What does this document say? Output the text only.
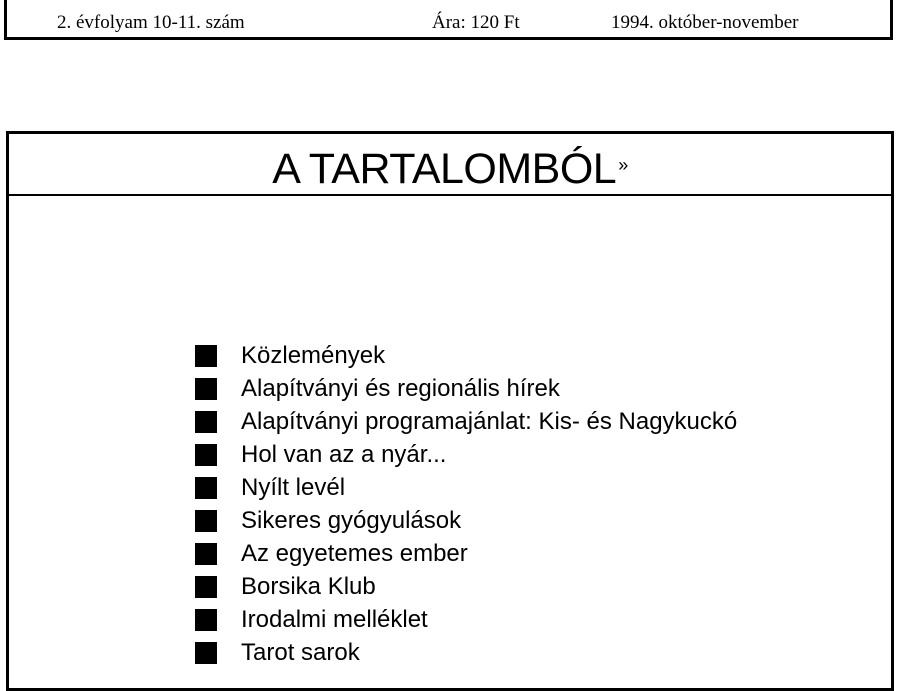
2. évfolyam 10-11. szám	Ára: 120 Ft	1994. október-november
A TARTALOMBÓL »
Közlemények
Alapítványi és regionális hírek
Alapítványi programajánlat: Kis- és Nagykuckó
Hol van az a nyár...
Nyílt levél
Sikeres gyógyulások
Az egyetemes ember
Borsika Klub
Irodalmi melléklet
Tarot sarok
